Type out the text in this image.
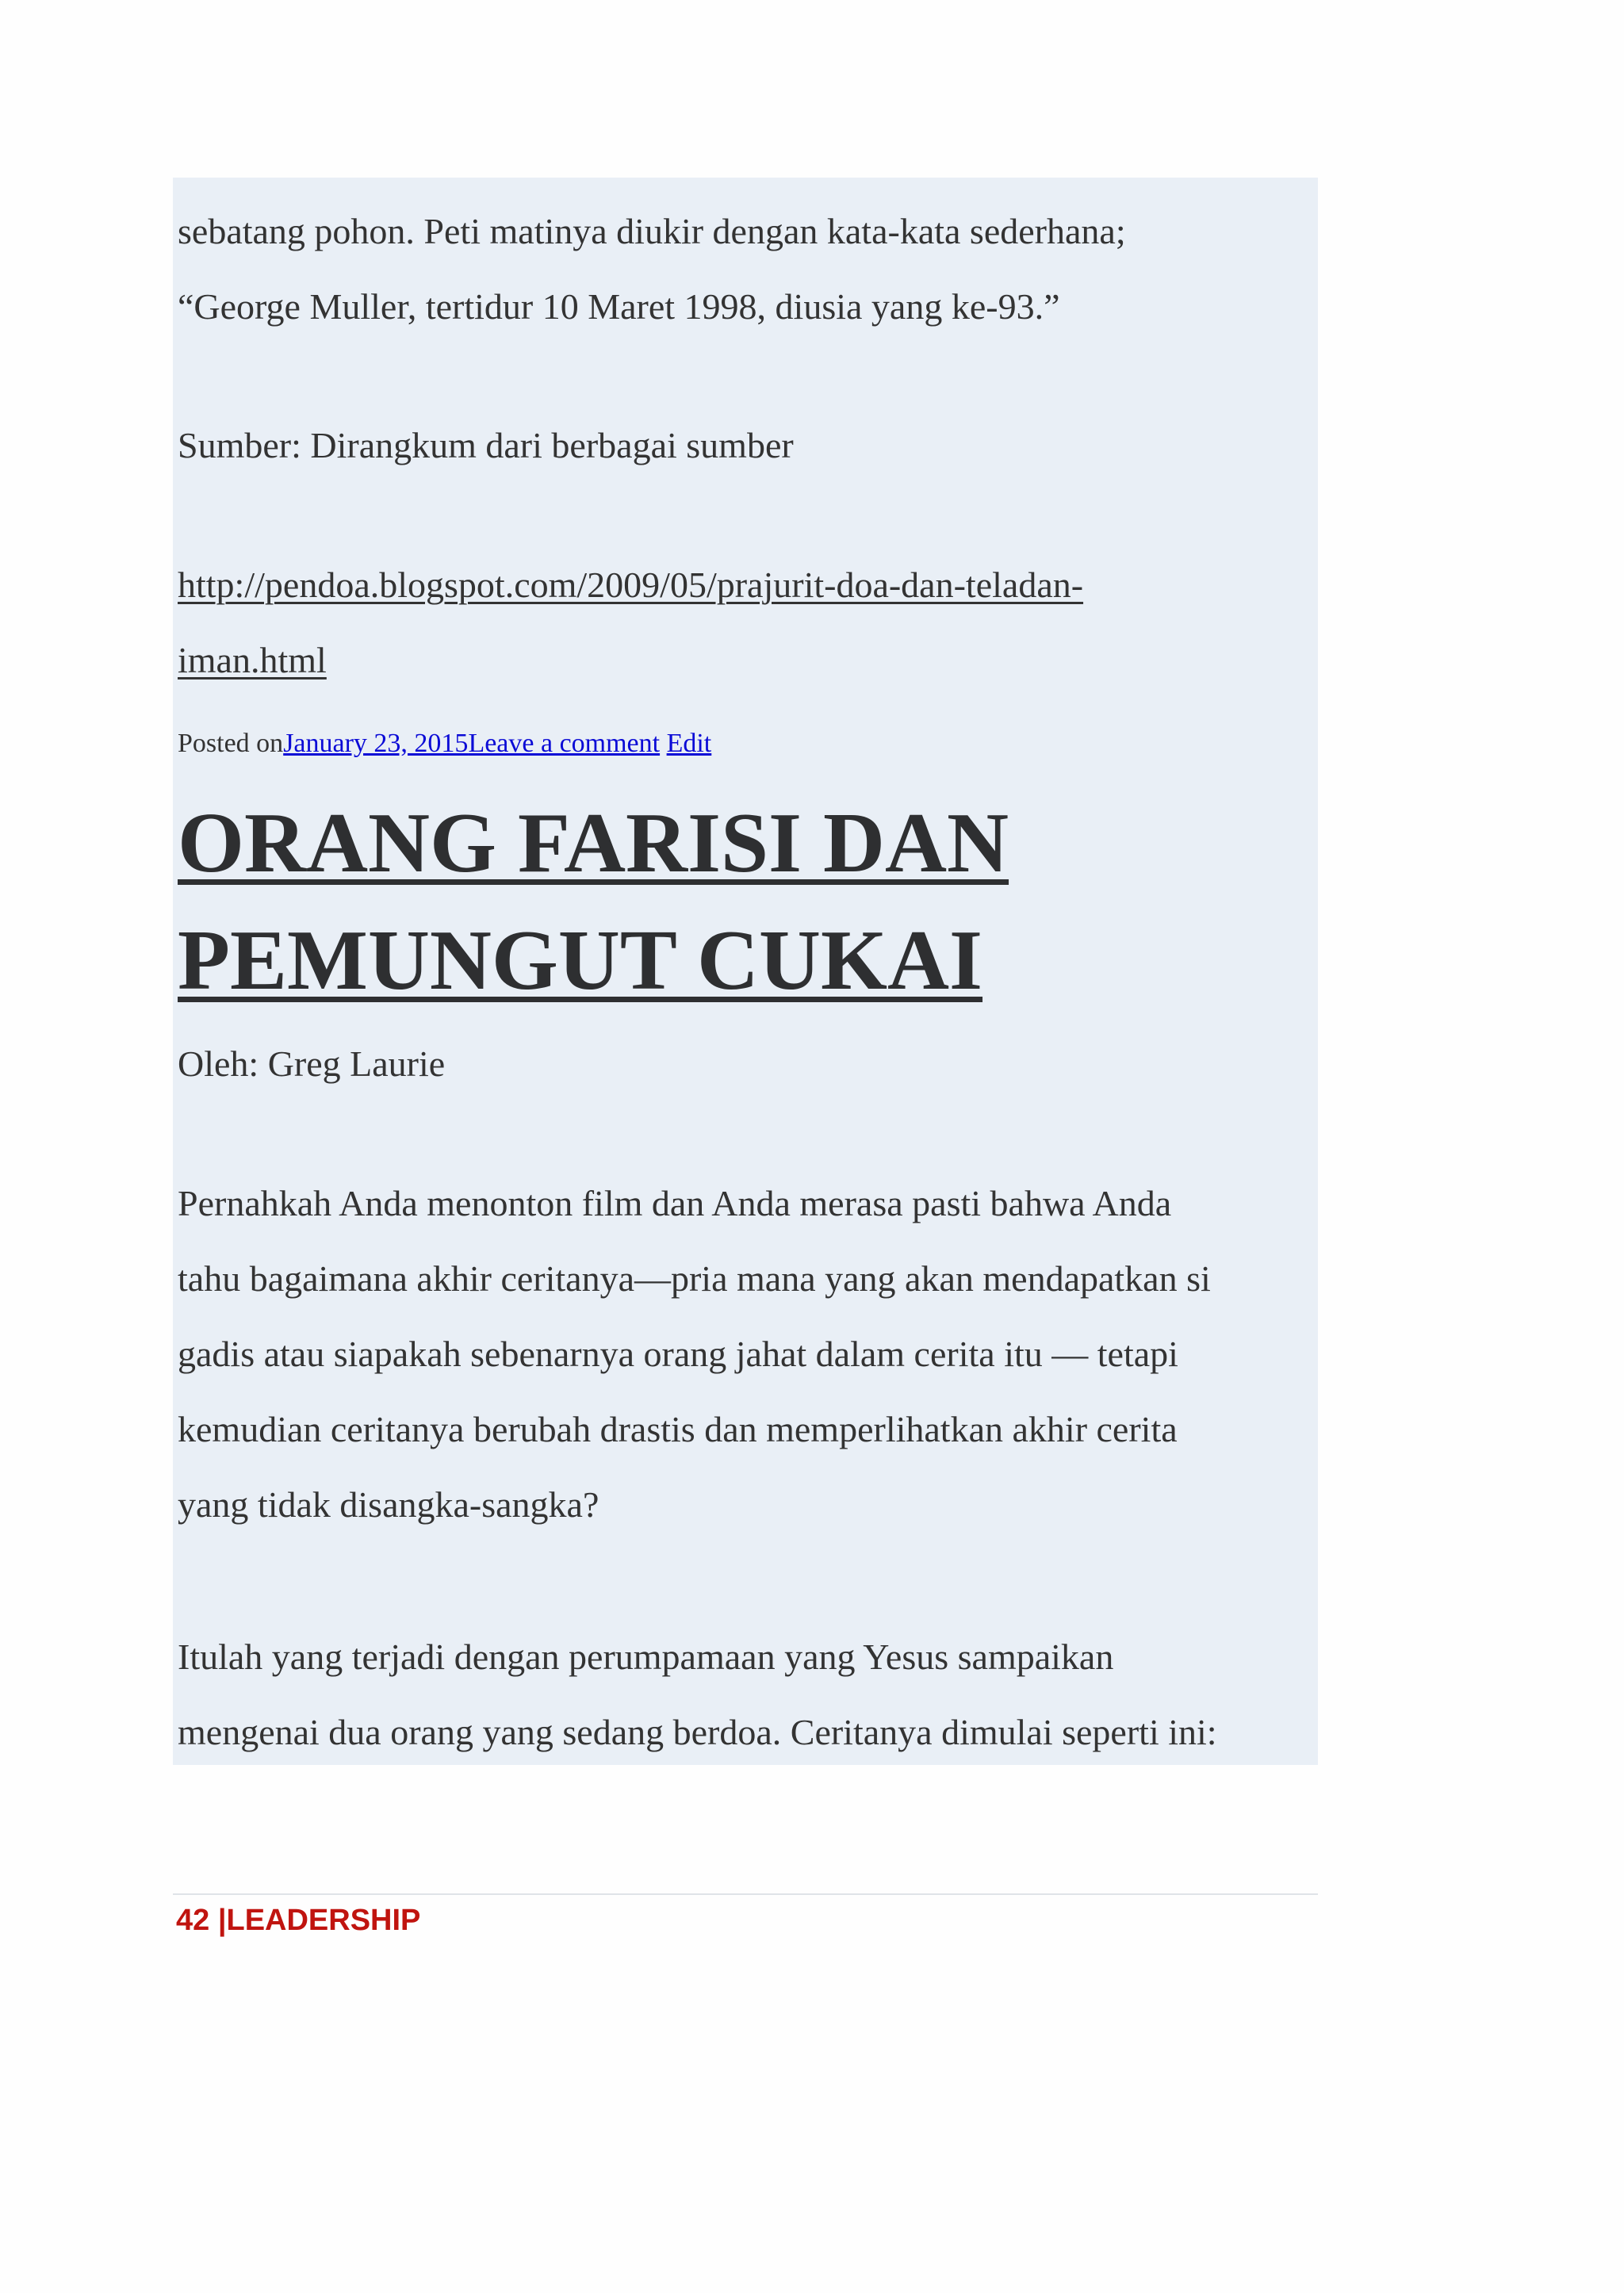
sebatang pohon. Peti matinya diukir dengan kata-kata sederhana;
“George Muller, tertidur 10 Maret 1998, diusia yang ke-93.”
Sumber: Dirangkum dari berbagai sumber
http://pendoa.blogspot.com/2009/05/prajurit-doa-dan-teladan-
iman.html
Posted onJanuary 23, 2015Leave a comment Edit
ORANG FARISI DAN
PEMUNGUT CUKAI
Oleh: Greg Laurie
Pernahkah Anda menonton film dan Anda merasa pasti bahwa Anda
tahu bagaimana akhir ceritanya—pria mana yang akan mendapatkan si
gadis atau siapakah sebenarnya orang jahat dalam cerita itu — tetapi
kemudian ceritanya berubah drastis dan memperlihatkan akhir cerita
yang tidak disangka-sangka?
Itulah yang terjadi dengan perumpamaan yang Yesus sampaikan
mengenai dua orang yang sedang berdoa. Ceritanya dimulai seperti ini:
42 |LEADERSHIP
